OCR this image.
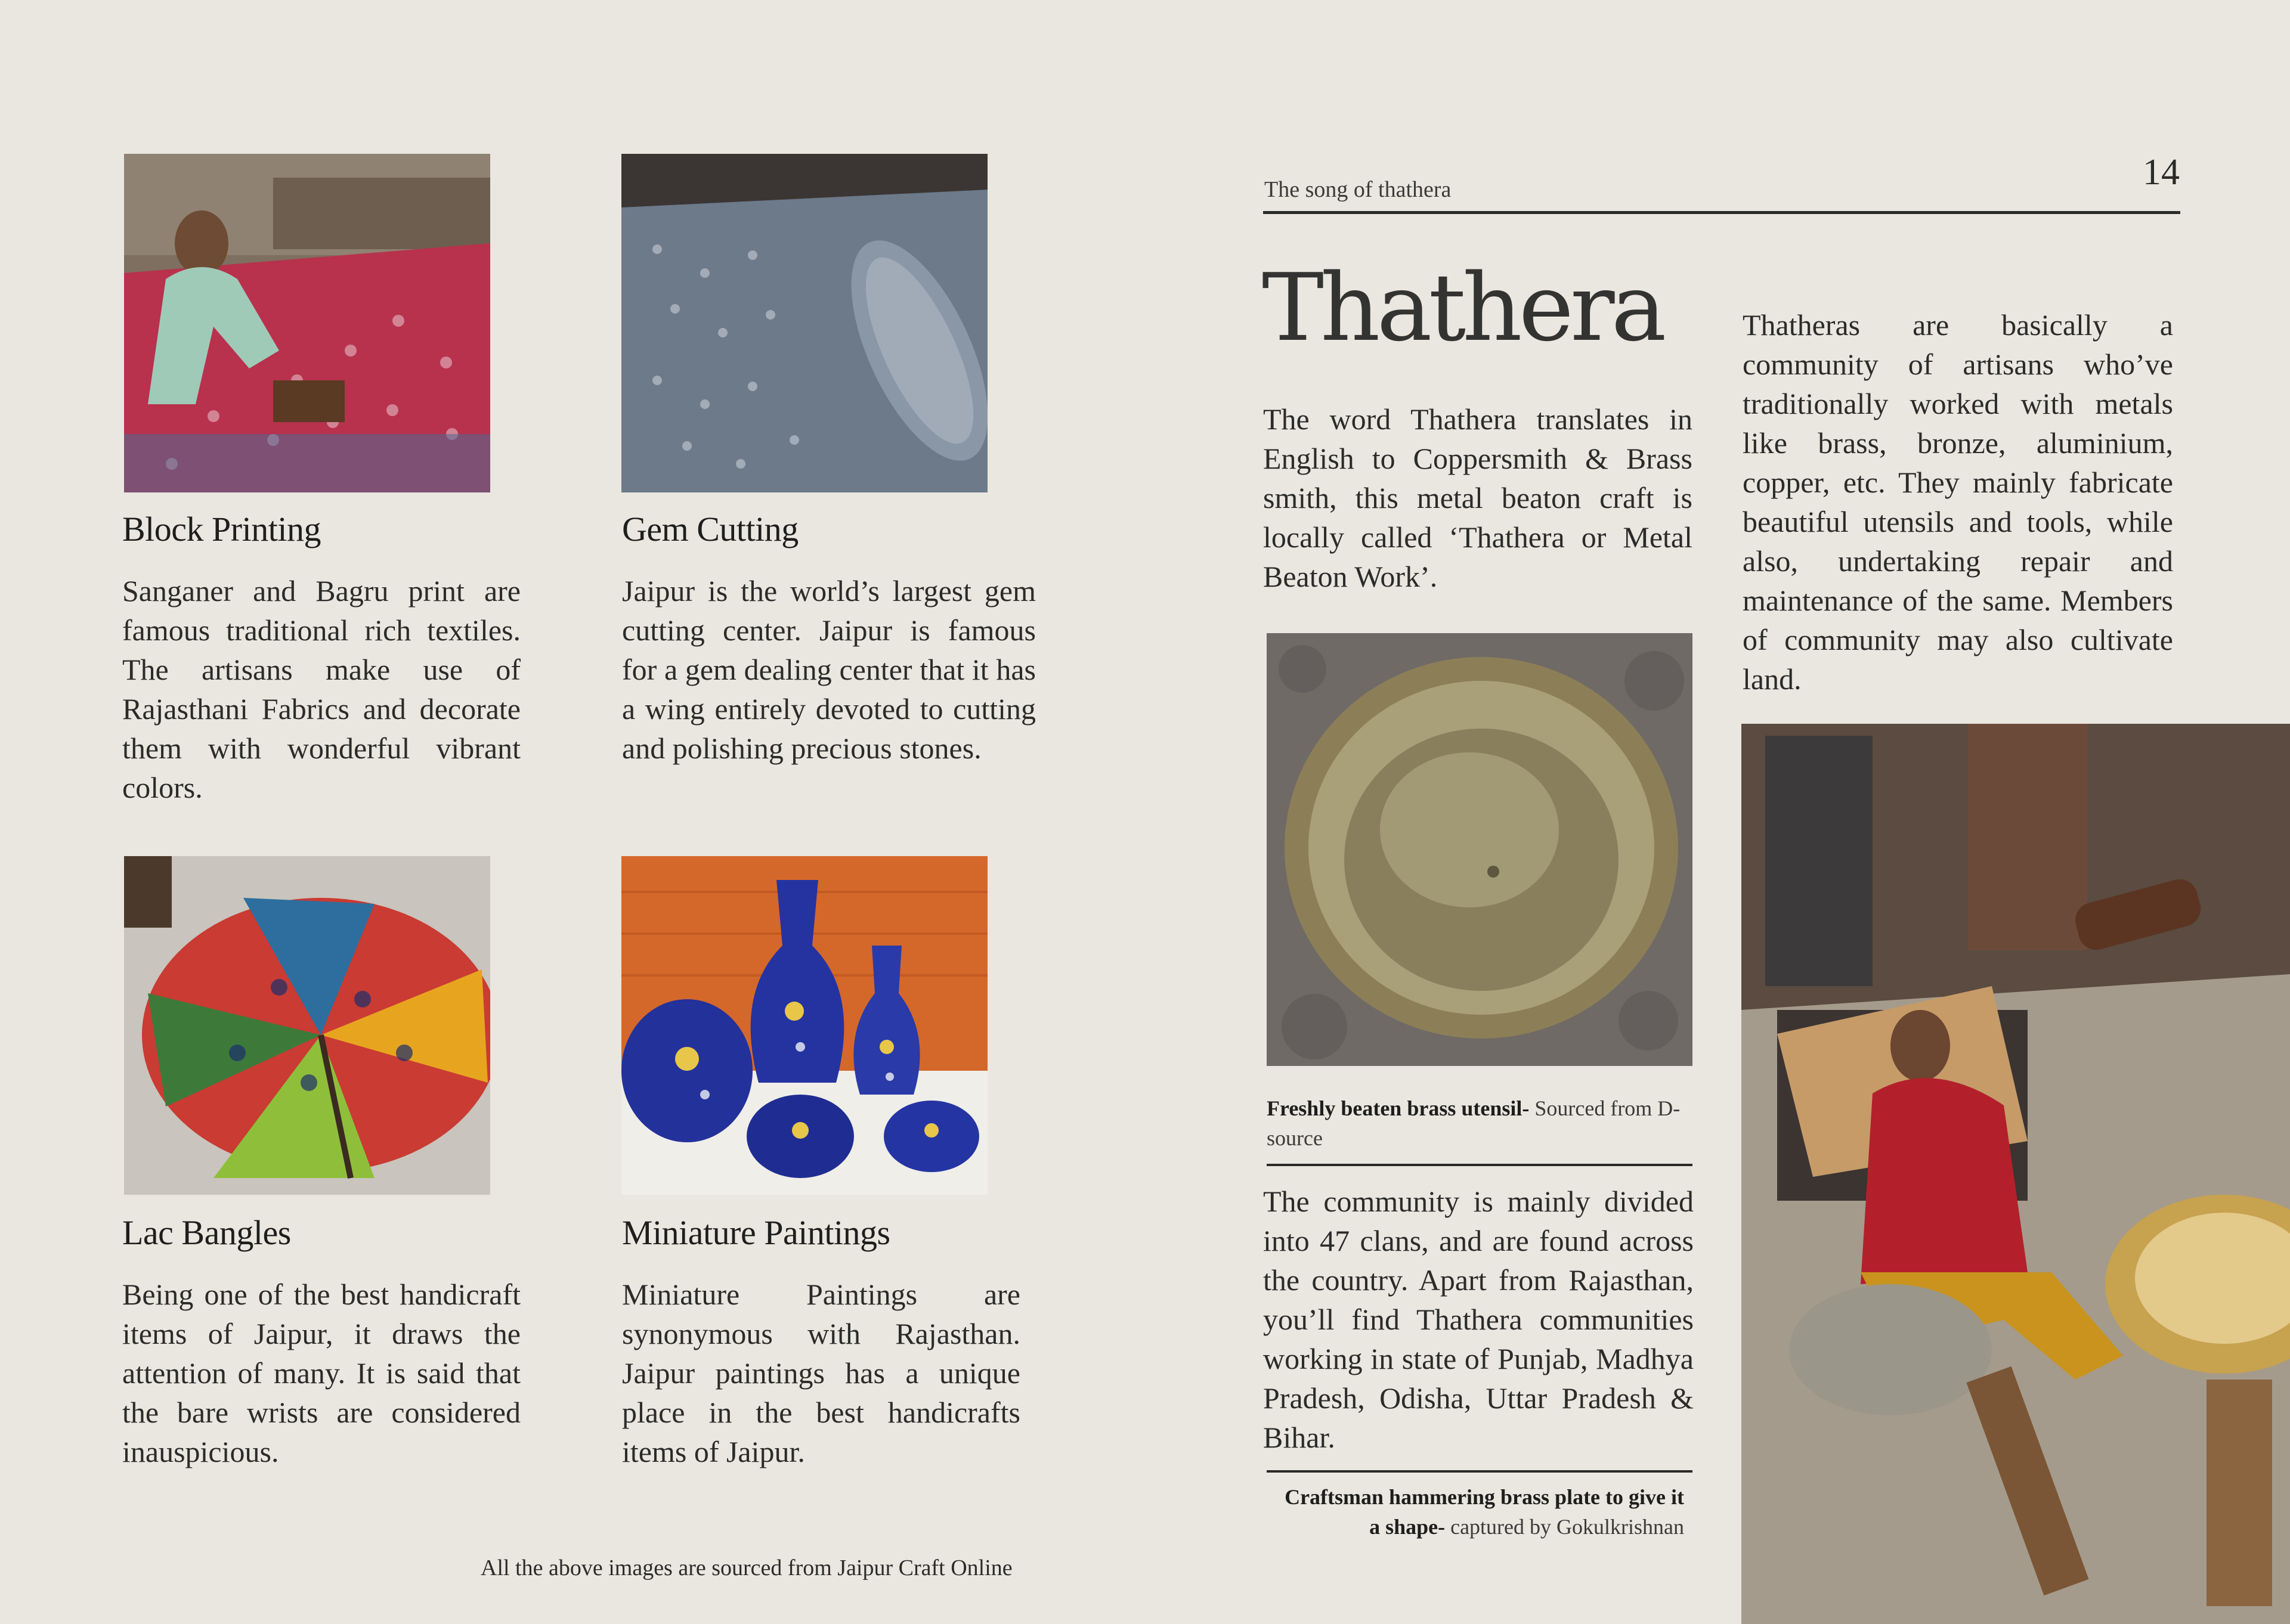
Block Printing

Sanganer and Bagru print are famous traditional rich textiles. The artisans make use of Rajasthani Fabrics and decorate them with wonderful vibrant colors.

Gem Cutting

Jaipur is the world’s largest gem cutting center. Jaipur is famous for a gem dealing center that it has a wing entirely devoted to cutting and polishing precious stones.

Lac Bangles

Being one of the best handicraft items of Jaipur, it draws the attention of many. It is said that the bare wrists are considered inauspicious.

Miniature Paintings

Miniature Paintings are synonymous with Rajasthan. Jaipur paintings has a unique place in the best handicrafts items of Jaipur.

All the above images are sourced from Jaipur Craft Online
The song of thathera	14
Thathera

The word Thathera translates in English to Coppersmith & Brass smith, this metal beaton craft is locally called ‘Thathera or Metal Beaton Work’.

Thatheras are basically a community of artisans who’ve traditionally worked with metals like brass, bronze, aluminium, copper, etc. They mainly fabricate beautiful utensils and tools, while also, undertaking repair and maintenance of the same. Members of community may also cultivate land.

Freshly beaten brass utensil- Sourced from D-source

The community is mainly divided into 47 clans, and are found across the country. Apart from Rajasthan, you’ll find Thathera communities working in state of Punjab, Madhya Pradesh, Odisha, Uttar Pradesh & Bihar.

Craftsman hammering brass plate to give it
a shape- captured by Gokulkrishnan
